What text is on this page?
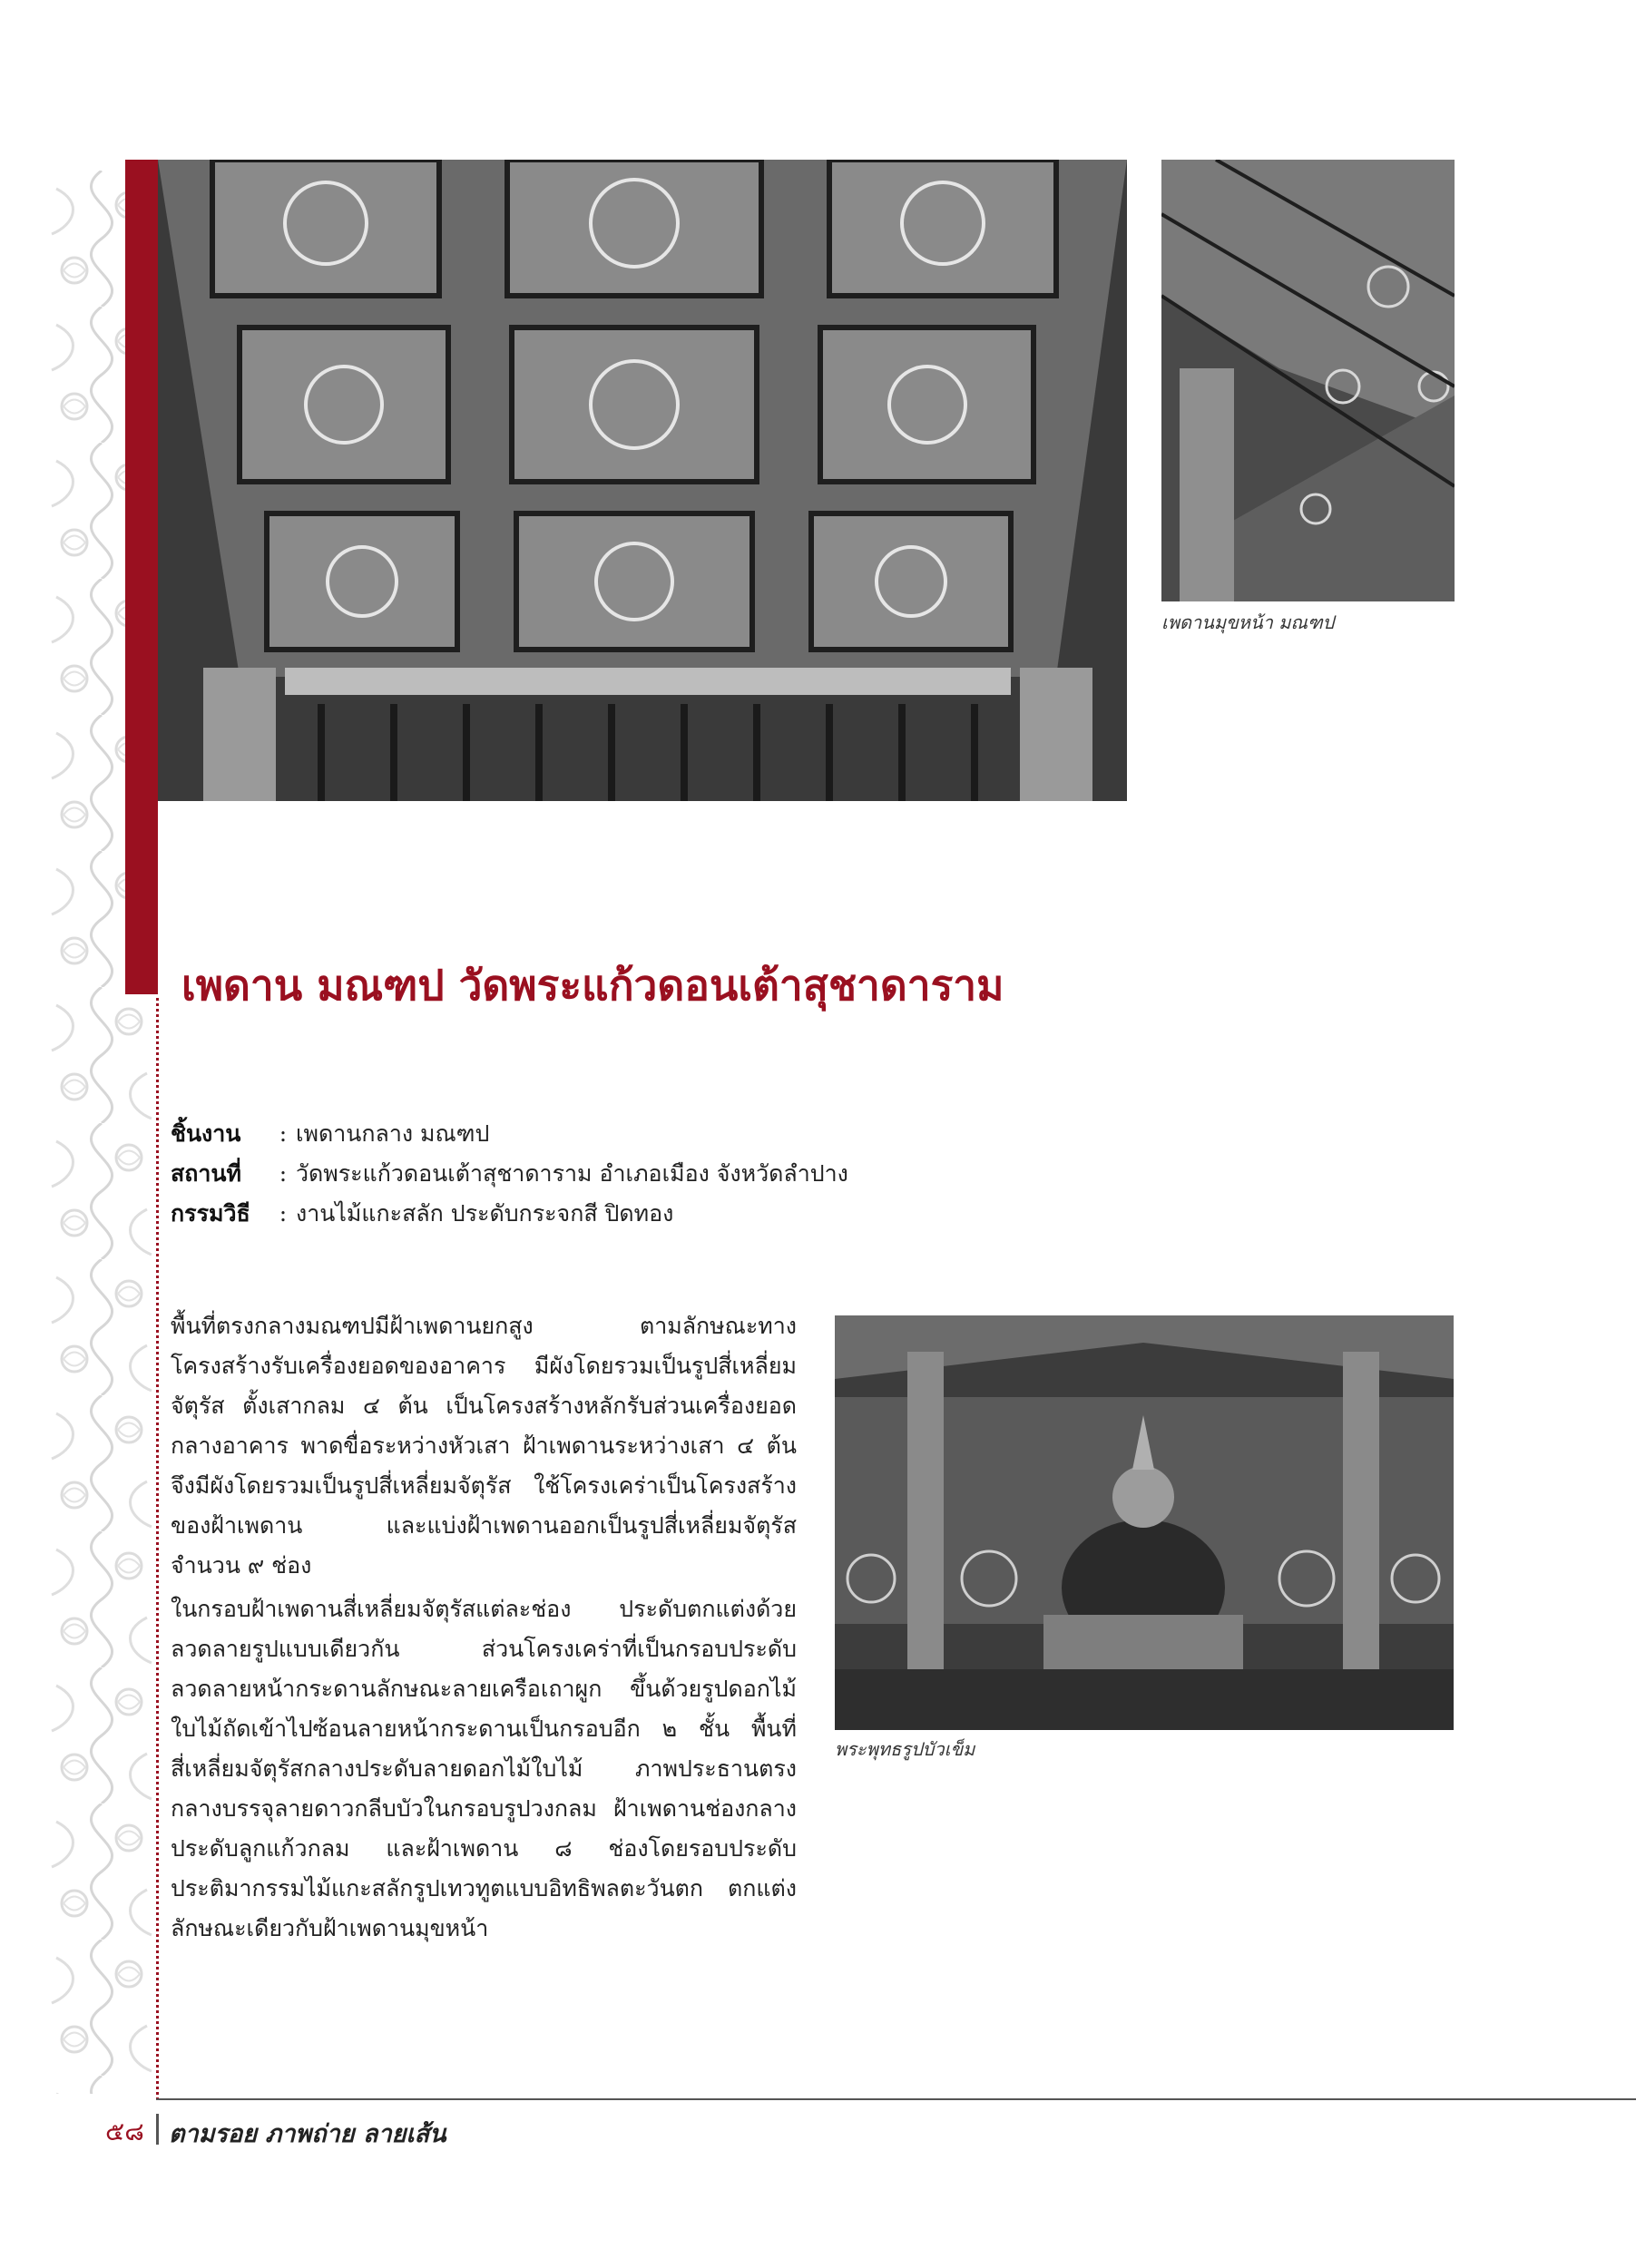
เพดานมุขหน้า มณฑป
เพดาน มณฑป วัดพระแก้วดอนเต้าสุชาดาราม
ชิ้นงาน	: เพดานกลาง มณฑป
สถานที่	: วัดพระแก้วดอนเต้าสุชาดาราม อำเภอเมือง จังหวัดลำปาง
กรรมวิธี	: งานไม้แกะสลัก ประดับกระจกสี ปิดทอง

พื้นที่ตรงกลางมณฑปมีฝ้าเพดานยกสูง ตามลักษณะทางโครงสร้างรับเครื่องยอดของอาคาร มีผังโดยรวมเป็นรูปสี่เหลี่ยมจัตุรัส ตั้งเสากลม ๔ ต้น เป็นโครงสร้างหลักรับส่วนเครื่องยอดกลางอาคาร พาดขื่อระหว่างหัวเสา ฝ้าเพดานระหว่างเสา ๔ ต้นจึงมีผังโดยรวมเป็นรูปสี่เหลี่ยมจัตุรัส ใช้โครงเคร่าเป็นโครงสร้างของฝ้าเพดาน และแบ่งฝ้าเพดานออกเป็นรูปสี่เหลี่ยมจัตุรัส จำนวน ๙ ช่อง

ในกรอบฝ้าเพดานสี่เหลี่ยมจัตุรัสแต่ละช่อง ประดับตกแต่งด้วยลวดลายรูปแบบเดียวกัน ส่วนโครงเคร่าที่เป็นกรอบประดับลวดลายหน้ากระดานลักษณะลายเครือเถาผูก ขึ้นด้วยรูปดอกไม้ใบไม้ถัดเข้าไปซ้อนลายหน้ากระดานเป็นกรอบอีก ๒ ชั้น พื้นที่สี่เหลี่ยมจัตุรัสกลางประดับลายดอกไม้ใบไม้ ภาพประธานตรงกลางบรรจุลายดาวกลีบบัวในกรอบรูปวงกลม ฝ้าเพดานช่องกลางประดับลูกแก้วกลม และฝ้าเพดาน ๘ ช่องโดยรอบประดับประติมากรรมไม้แกะสลักรูปเทวทูตแบบอิทธิพลตะวันตก ตกแต่งลักษณะเดียวกับฝ้าเพดานมุขหน้า

พระพุทธรูปบัวเข็ม
๕๘ ตามรอย ภาพถ่าย ลายเส้น
